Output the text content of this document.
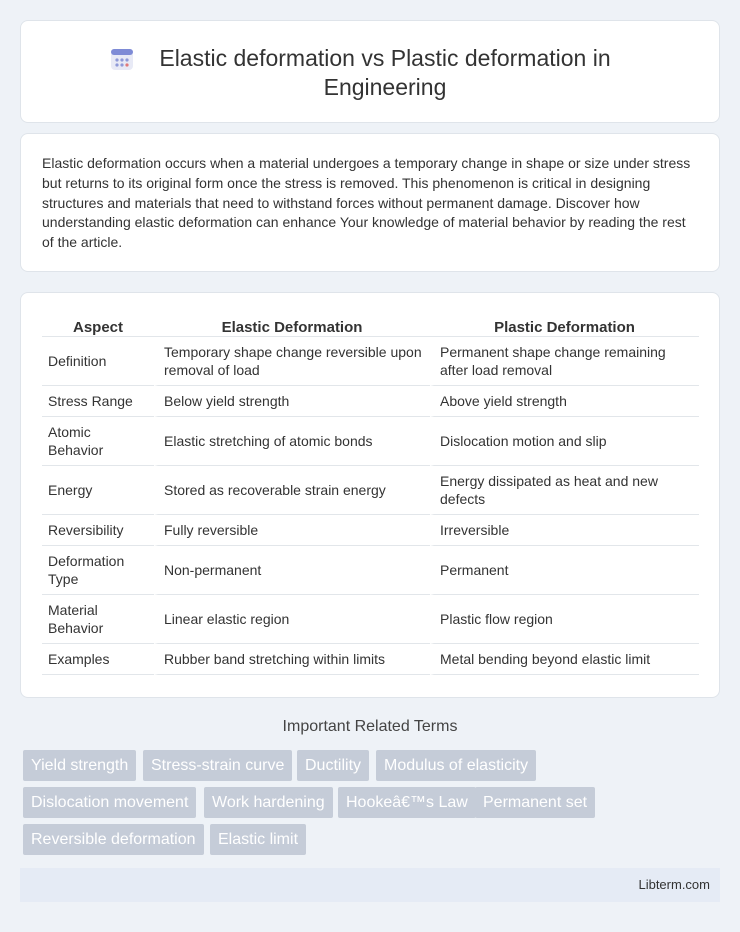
Elastic deformation vs Plastic deformation in Engineering

Elastic deformation occurs when a material undergoes a temporary change in shape or size under stress but returns to its original form once the stress is removed. This phenomenon is critical in designing structures and materials that need to withstand forces without permanent damage. Discover how understanding elastic deformation can enhance Your knowledge of material behavior by reading the rest of the article.

Aspect	Elastic Deformation	Plastic Deformation
Definition	Temporary shape change reversible upon removal of load	Permanent shape change remaining after load removal
Stress Range	Below yield strength	Above yield strength
Atomic Behavior	Elastic stretching of atomic bonds	Dislocation motion and slip
Energy	Stored as recoverable strain energy	Energy dissipated as heat and new defects
Reversibility	Fully reversible	Irreversible
Deformation Type	Non-permanent	Permanent
Material Behavior	Linear elastic region	Plastic flow region
Examples	Rubber band stretching within limits	Metal bending beyond elastic limit
Important Related Terms
Yield strength	Stress-strain curve	Ductility	Modulus of elasticity
Dislocation movement	Work hardening	Hookeâ€™s Law Permanent set
Reversible deformation	Elastic limit
Libterm.com
